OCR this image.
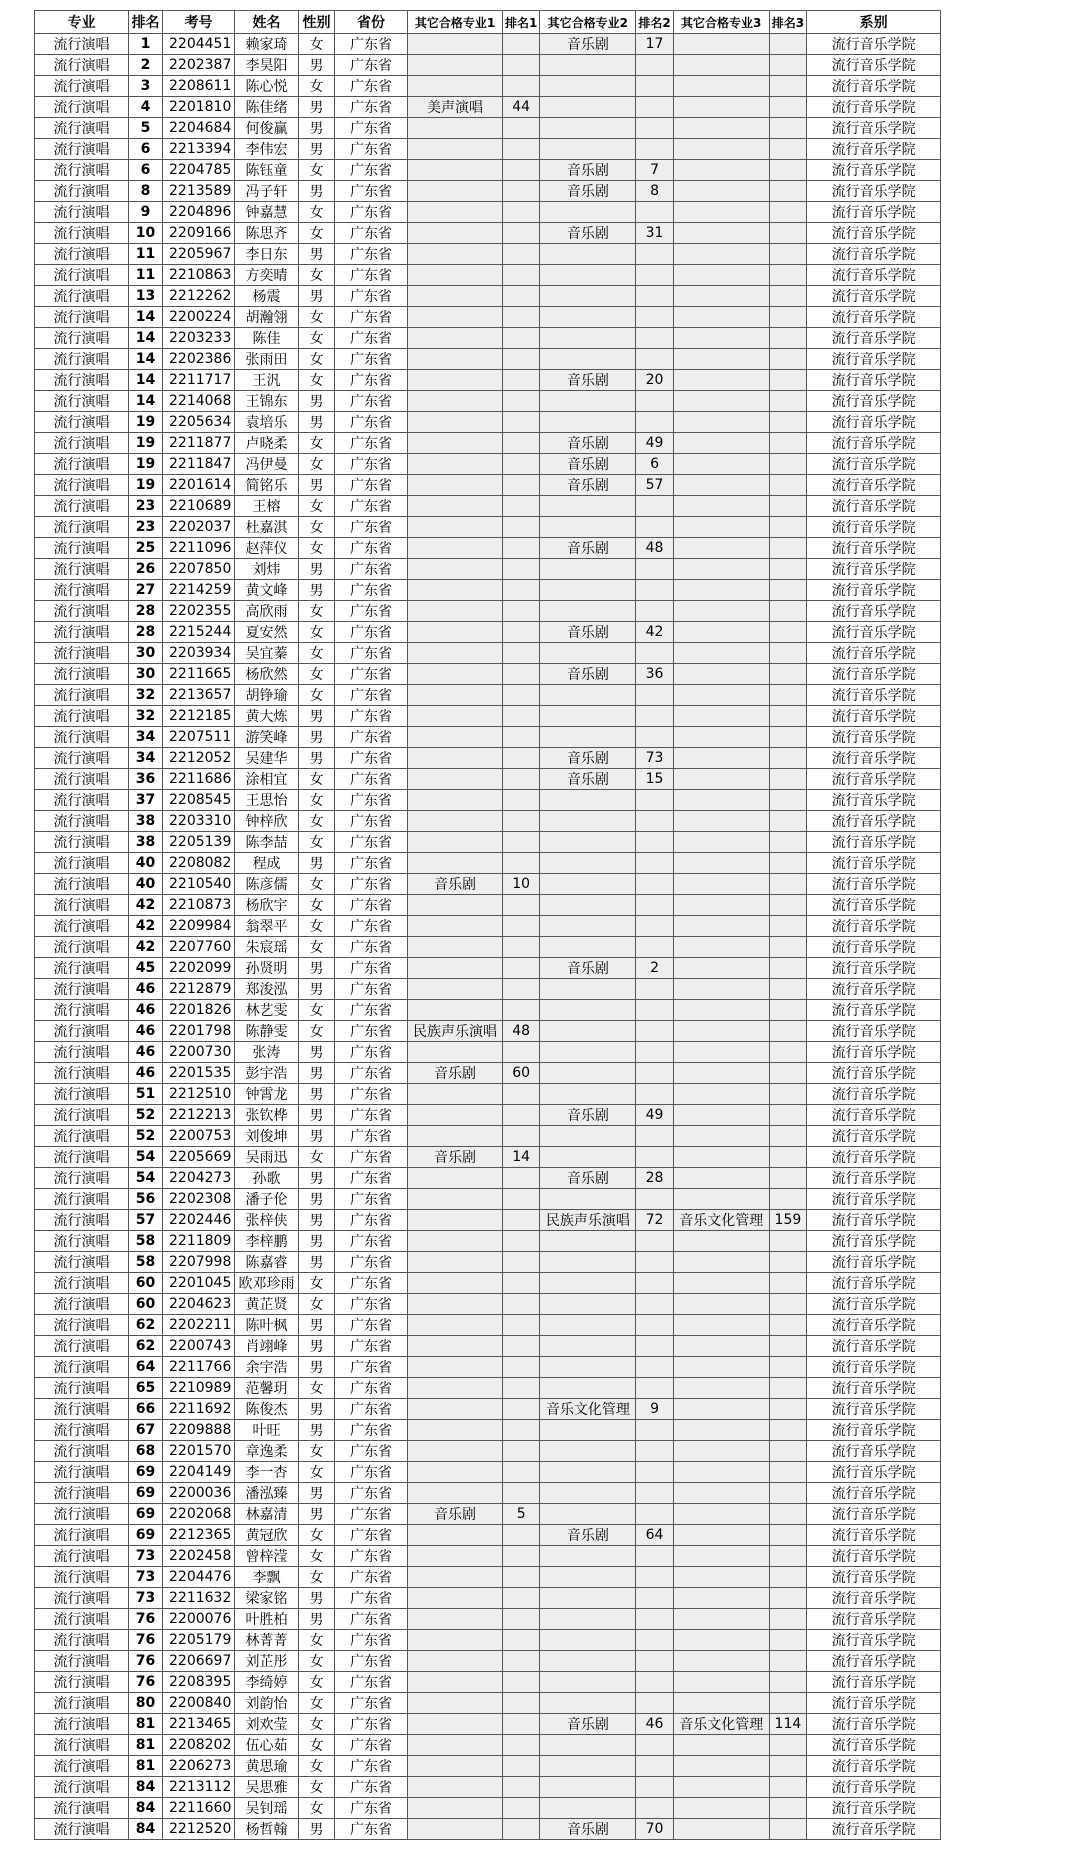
专业	排名	考号	姓名	性别	省份	其它合格专业1	排名1	其它合格专业2	排名2	其它合格专业3	排名3	系别
流行演唱	1	2204451	赖家琦	女	广东省			音乐剧	17			流行音乐学院
流行演唱	2	2202387	李昊阳	男	广东省							流行音乐学院
流行演唱	3	2208611	陈心悦	女	广东省							流行音乐学院
流行演唱	4	2201810	陈佳绪	男	广东省	美声演唱	44					流行音乐学院
流行演唱	5	2204684	何俊赢	男	广东省							流行音乐学院
流行演唱	6	2213394	李伟宏	男	广东省							流行音乐学院
流行演唱	6	2204785	陈钰童	女	广东省			音乐剧	7			流行音乐学院
流行演唱	8	2213589	冯子轩	男	广东省			音乐剧	8			流行音乐学院
流行演唱	9	2204896	钟嘉慧	女	广东省							流行音乐学院
流行演唱	10	2209166	陈思齐	女	广东省			音乐剧	31			流行音乐学院
流行演唱	11	2205967	李日东	男	广东省							流行音乐学院
流行演唱	11	2210863	方奕晴	女	广东省							流行音乐学院
流行演唱	13	2212262	杨震	男	广东省							流行音乐学院
流行演唱	14	2200224	胡瀚翎	女	广东省							流行音乐学院
流行演唱	14	2203233	陈佳	女	广东省							流行音乐学院
流行演唱	14	2202386	张雨田	女	广东省							流行音乐学院
流行演唱	14	2211717	王汎	女	广东省			音乐剧	20			流行音乐学院
流行演唱	14	2214068	王锦东	男	广东省							流行音乐学院
流行演唱	19	2205634	袁培乐	男	广东省							流行音乐学院
流行演唱	19	2211877	卢晓柔	女	广东省			音乐剧	49			流行音乐学院
流行演唱	19	2211847	冯伊曼	女	广东省			音乐剧	6			流行音乐学院
流行演唱	19	2201614	简铭乐	男	广东省			音乐剧	57			流行音乐学院
流行演唱	23	2210689	王榕	女	广东省							流行音乐学院
流行演唱	23	2202037	杜嘉淇	女	广东省							流行音乐学院
流行演唱	25	2211096	赵萍仪	女	广东省			音乐剧	48			流行音乐学院
流行演唱	26	2207850	刘炜	男	广东省							流行音乐学院
流行演唱	27	2214259	黄文峰	男	广东省							流行音乐学院
流行演唱	28	2202355	高欣雨	女	广东省							流行音乐学院
流行演唱	28	2215244	夏安然	女	广东省			音乐剧	42			流行音乐学院
流行演唱	30	2203934	吴宜蓁	女	广东省							流行音乐学院
流行演唱	30	2211665	杨欣然	女	广东省			音乐剧	36			流行音乐学院
流行演唱	32	2213657	胡铮瑜	女	广东省							流行音乐学院
流行演唱	32	2212185	黄大炼	男	广东省							流行音乐学院
流行演唱	34	2207511	游笑峰	男	广东省							流行音乐学院
流行演唱	34	2212052	吴建华	男	广东省			音乐剧	73			流行音乐学院
流行演唱	36	2211686	涂相宜	女	广东省			音乐剧	15			流行音乐学院
流行演唱	37	2208545	王思怡	女	广东省							流行音乐学院
流行演唱	38	2203310	钟梓欣	女	广东省							流行音乐学院
流行演唱	38	2205139	陈李喆	女	广东省							流行音乐学院
流行演唱	40	2208082	程成	男	广东省							流行音乐学院
流行演唱	40	2210540	陈彦儒	女	广东省	音乐剧	10					流行音乐学院
流行演唱	42	2210873	杨欣宇	女	广东省							流行音乐学院
流行演唱	42	2209984	翁翠平	女	广东省							流行音乐学院
流行演唱	42	2207760	朱宸瑶	女	广东省							流行音乐学院
流行演唱	45	2202099	孙贤明	男	广东省			音乐剧	2			流行音乐学院
流行演唱	46	2212879	郑浚泓	男	广东省							流行音乐学院
流行演唱	46	2201826	林艺雯	女	广东省							流行音乐学院
流行演唱	46	2201798	陈静雯	女	广东省	民族声乐演唱	48					流行音乐学院
流行演唱	46	2200730	张涛	男	广东省							流行音乐学院
流行演唱	46	2201535	彭宇浩	男	广东省	音乐剧	60					流行音乐学院
流行演唱	51	2212510	钟霄龙	男	广东省							流行音乐学院
流行演唱	52	2212213	张钦桦	男	广东省			音乐剧	49			流行音乐学院
流行演唱	52	2200753	刘俊坤	男	广东省							流行音乐学院
流行演唱	54	2205669	吴雨迅	女	广东省	音乐剧	14					流行音乐学院
流行演唱	54	2204273	孙歌	男	广东省			音乐剧	28			流行音乐学院
流行演唱	56	2202308	潘子伦	男	广东省							流行音乐学院
流行演唱	57	2202446	张梓侠	男	广东省			民族声乐演唱	72	音乐文化管理	159	流行音乐学院
流行演唱	58	2211809	李梓鹏	男	广东省							流行音乐学院
流行演唱	58	2207998	陈嘉睿	男	广东省							流行音乐学院
流行演唱	60	2201045	欧邓珍雨	女	广东省							流行音乐学院
流行演唱	60	2204623	黄芷贤	女	广东省							流行音乐学院
流行演唱	62	2202211	陈叶枫	男	广东省							流行音乐学院
流行演唱	62	2200743	肖翊峰	男	广东省							流行音乐学院
流行演唱	64	2211766	余宇浩	男	广东省							流行音乐学院
流行演唱	65	2210989	范馨玥	女	广东省							流行音乐学院
流行演唱	66	2211692	陈俊杰	男	广东省			音乐文化管理	9			流行音乐学院
流行演唱	67	2209888	叶旺	男	广东省							流行音乐学院
流行演唱	68	2201570	章逸柔	女	广东省							流行音乐学院
流行演唱	69	2204149	李一杏	女	广东省							流行音乐学院
流行演唱	69	2200036	潘泓臻	男	广东省							流行音乐学院
流行演唱	69	2202068	林嘉清	男	广东省	音乐剧	5					流行音乐学院
流行演唱	69	2212365	黄冠欣	女	广东省			音乐剧	64			流行音乐学院
流行演唱	73	2202458	曾梓滢	女	广东省							流行音乐学院
流行演唱	73	2204476	李飘	女	广东省							流行音乐学院
流行演唱	73	2211632	梁家铭	男	广东省							流行音乐学院
流行演唱	76	2200076	叶胜柏	男	广东省							流行音乐学院
流行演唱	76	2205179	林菁菁	女	广东省							流行音乐学院
流行演唱	76	2206697	刘芷彤	女	广东省							流行音乐学院
流行演唱	76	2208395	李绮婷	女	广东省							流行音乐学院
流行演唱	80	2200840	刘韵怡	女	广东省							流行音乐学院
流行演唱	81	2213465	刘欢莹	女	广东省			音乐剧	46	音乐文化管理	114	流行音乐学院
流行演唱	81	2208202	伍心茹	女	广东省							流行音乐学院
流行演唱	81	2206273	黄思瑜	女	广东省							流行音乐学院
流行演唱	84	2213112	吴思雅	女	广东省							流行音乐学院
流行演唱	84	2211660	吴钊瑶	女	广东省							流行音乐学院
流行演唱	84	2212520	杨哲翰	男	广东省			音乐剧	70			流行音乐学院
